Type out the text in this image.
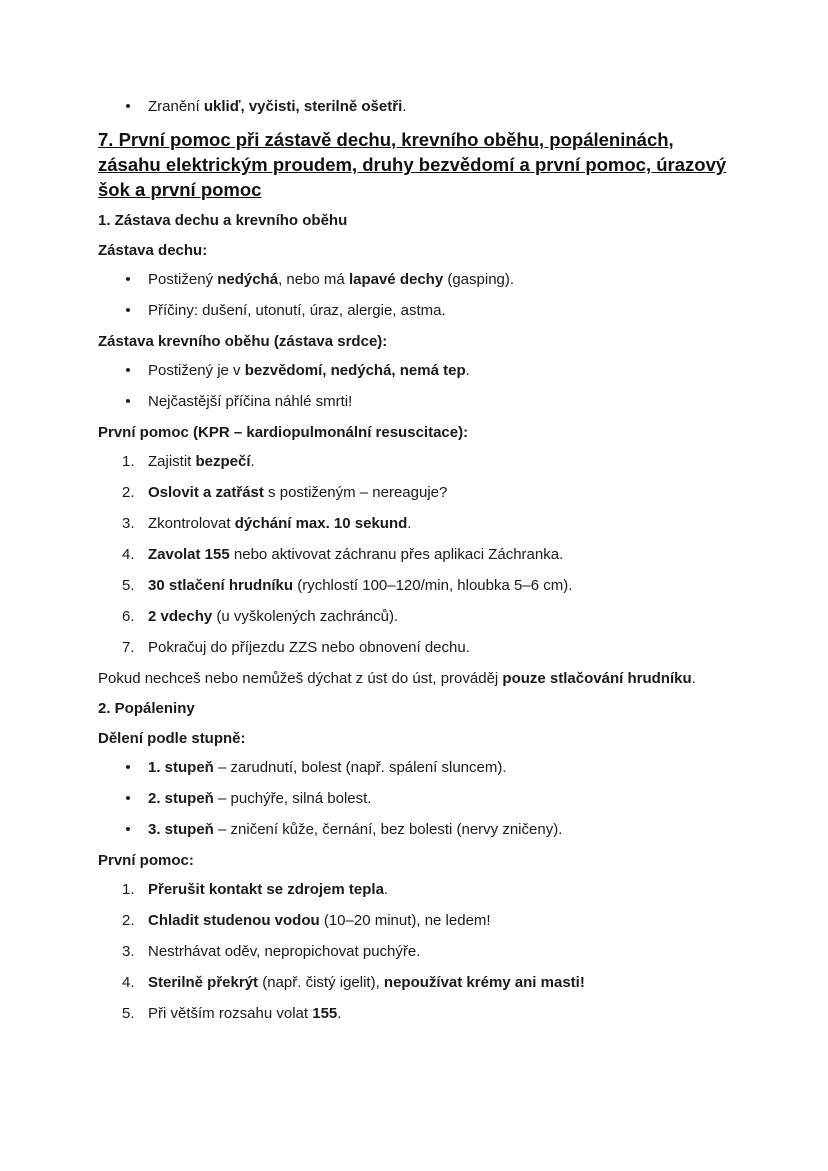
• Zranění ukliď, vyčisti, sterilně ošetři.
7. První pomoc při zástavě dechu, krevního oběhu, popáleninách, zásahu elektrickým proudem, druhy bezvědomí a první pomoc, úrazový šok a první pomoc
1. Zástava dechu a krevního oběhu
Zástava dechu:
• Postižený nedýchá, nebo má lapavé dechy (gasping).
• Příčiny: dušení, utonutí, úraz, alergie, astma.
Zástava krevního oběhu (zástava srdce):
• Postižený je v bezvědomí, nedýchá, nemá tep.
• Nejčastější příčina náhlé smrti!
První pomoc (KPR – kardiopulmonální resuscitace):
1. Zajistit bezpečí.
2. Oslovit a zatřást s postiženým – nereaguje?
3. Zkontrolovat dýchání max. 10 sekund.
4. Zavolat 155 nebo aktivovat záchranu přes aplikaci Záchranka.
5. 30 stlačení hrudníku (rychlostí 100–120/min, hloubka 5–6 cm).
6. 2 vdechy (u vyškolených zachránců).
7. Pokračuj do příjezdu ZZS nebo obnovení dechu.
Pokud nechceš nebo nemůžeš dýchat z úst do úst, prováděj pouze stlačování hrudníku.
2. Popáleniny
Dělení podle stupně:
• 1. stupeň – zarudnutí, bolest (např. spálení sluncem).
• 2. stupeň – puchýře, silná bolest.
• 3. stupeň – zničení kůže, černání, bez bolesti (nervy zničeny).
První pomoc:
1. Přerušit kontakt se zdrojem tepla.
2. Chladit studenou vodou (10–20 minut), ne ledem!
3. Nestrhávat oděv, nepropichovat puchýře.
4. Sterilně překrýt (např. čistý igelit), nepoužívat krémy ani masti!
5. Při větším rozsahu volat 155.
